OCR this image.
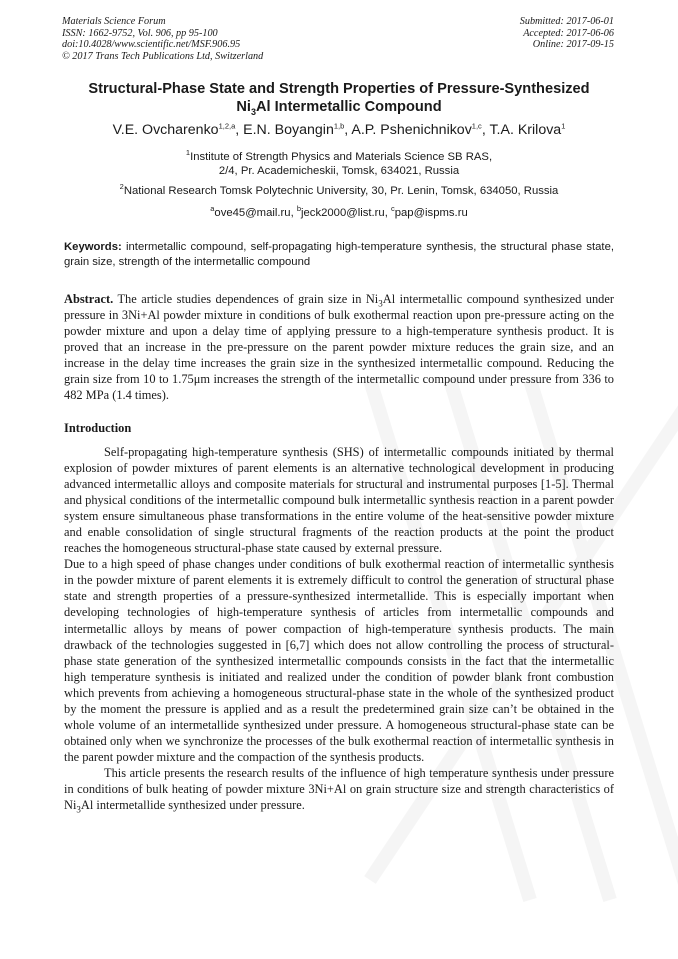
Materials Science Forum
ISSN: 1662-9752, Vol. 906, pp 95-100
doi:10.4028/www.scientific.net/MSF.906.95
© 2017 Trans Tech Publications Ltd, Switzerland
Submitted: 2017-06-01
Accepted: 2017-06-06
Online: 2017-09-15
Structural-Phase State and Strength Properties of Pressure-Synthesized
$Ni_3Al$ Intermetallic Compound
V.E. Ovcharenko$^{1,2,a}$, E.N. Boyangin$^{1,b}$, A.P. Pshenichnikov$^{1,c}$, T.A. Krilova$^1$
$^1$Institute of Strength Physics and Materials Science SB RAS,
2/4, Pr. Academicheskii, Tomsk, 634021, Russia
$^2$National Research Tomsk Polytechnic University, 30, Pr. Lenin, Tomsk, 634050, Russia
$^a$ove45@mail.ru, $^b$jeck2000@list.ru, $^c$pap@ispms.ru
Keywords: intermetallic compound, self-propagating high-temperature synthesis, the structural phase state, grain size, strength of the intermetallic compound
Abstract. The article studies dependences of grain size in $Ni_3Al$ intermetallic compound synthesized under pressure in 3Ni+Al powder mixture in conditions of bulk exothermal reaction upon pre-pressure acting on the powder mixture and upon a delay time of applying pressure to a high-temperature synthesis product. It is proved that an increase in the pre-pressure on the parent powder mixture reduces the grain size, and an increase in the delay time increases the grain size in the synthesized intermetallic compound. Reducing the grain size from 10 to 1.75μm increases the strength of the intermetallic compound under pressure from 336 to 482 MPa (1.4 times).
Introduction

Self-propagating high-temperature synthesis (SHS) of intermetallic compounds initiated by thermal explosion of powder mixtures of parent elements is an alternative technological development in producing advanced intermetallic alloys and composite materials for structural and instrumental purposes [1-5]. Thermal and physical conditions of the intermetallic compound bulk intermetallic synthesis reaction in a parent powder system ensure simultaneous phase transformations in the entire volume of the heat-sensitive powder mixture and enable consolidation of single structural fragments of the reaction products at the point the product reaches the homogeneous structural-phase state caused by external pressure.

Due to a high speed of phase changes under conditions of bulk exothermal reaction of intermetallic synthesis in the powder mixture of parent elements it is extremely difficult to control the generation of structural phase state and strength properties of a pressure-synthesized intermetallide. This is especially important when developing technologies of high-temperature synthesis of articles from intermetallic compounds and intermetallic alloys by means of power compaction of high-temperature synthesis products. The main drawback of the technologies suggested in [6,7] which does not allow controlling the process of structural-phase state generation of the synthesized intermetallic compounds consists in the fact that the intermetallic high temperature synthesis is initiated and realized under the condition of powder blank front combustion which prevents from achieving a homogeneous structural-phase state in the whole of the synthesized product by the moment the pressure is applied and as a result the predetermined grain size can’t be obtained in the whole volume of an intermetallide synthesized under pressure. A homogeneous structural-phase state can be obtained only when we synchronize the processes of the bulk exothermal reaction of intermetallic synthesis in the parent powder mixture and the compaction of the synthesis products.

This article presents the research results of the influence of high temperature synthesis under pressure in conditions of bulk heating of powder mixture 3Ni+Al on grain structure size and strength characteristics of $Ni_3Al$ intermetallide synthesized under pressure.
